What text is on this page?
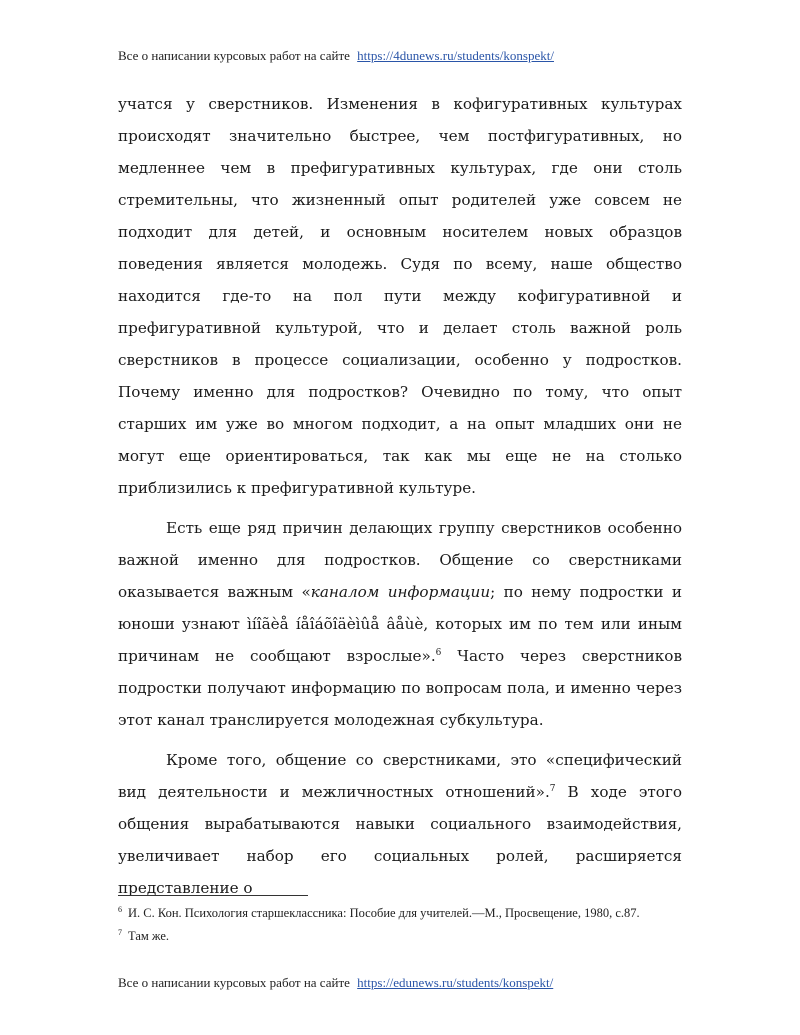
Все о написании курсовых работ на сайте https://4dunews.ru/students/konspekt/

учатся у сверстников. Изменения в кофигуративных культурах происходят значительно быстрее, чем постфигуративных, но медленнее чем в префигуративных культурах, где они столь стремительны, что жизненный опыт родителей уже совсем не подходит для детей, и основным носителем новых образцов поведения является молодежь. Судя по всему, наше общество находится где-то на пол пути между кофигуративной и префигуративной культурой, что и делает столь важной роль сверстников в процессе социализации, особенно у подростков. Почему именно для подростков? Очевидно по тому, что опыт старших им уже во многом подходит, а на опыт младших они не могут еще ориентироваться, так как мы еще не на столько приблизились к префигуративной культуре.

Есть еще ряд причин делающих группу сверстников особенно важной именно для подростков. Общение со сверстниками оказывается важным «каналом информации; по нему подростки и юноши узнают ìíîãèå íåîáõîäèìûå âåùè, которых им по тем или иным причинам не сообщают взрослые».$^6$ Часто через сверстников подростки получают информацию по вопросам пола, и именно через этот канал транслируется молодежная субкультура.

Кроме того, общение со сверстниками, это «специфический вид деятельности и межличностных отношений».$^7$ В ходе этого общения вырабатываются навыки социального взаимодействия, увеличивает набор его социальных ролей, расширяется представление о

$^6$ И. С. Кон. Психология старшеклассника: Пособие для учителей.—М., Просвещение, 1980, с.87.

$^7$ Там же.

Все о написании курсовых работ на сайте https://edunews.ru/students/konspekt/
